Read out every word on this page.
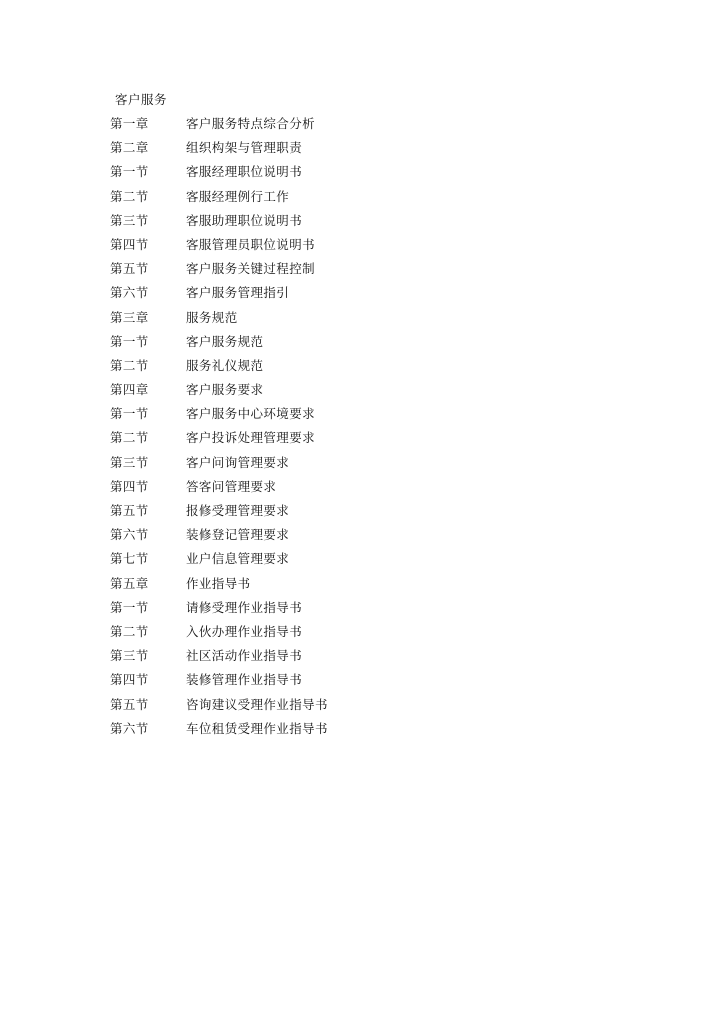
客户服务
第一章	客户服务特点综合分析
第二章	组织构架与管理职责
第一节	客服经理职位说明书
第二节	客服经理例行工作
第三节	客服助理职位说明书
第四节	客服管理员职位说明书
第五节	客户服务关键过程控制
第六节	客户服务管理指引
第三章	服务规范
第一节	客户服务规范
第二节	服务礼仪规范
第四章	客户服务要求
第一节	客户服务中心环境要求
第二节	客户投诉处理管理要求
第三节	客户问询管理要求
第四节	答客问管理要求
第五节	报修受理管理要求
第六节	装修登记管理要求
第七节	业户信息管理要求
第五章	作业指导书
第一节	请修受理作业指导书
第二节	入伙办理作业指导书
第三节	社区活动作业指导书
第四节	装修管理作业指导书
第五节	咨询建议受理作业指导书
第六节	车位租赁受理作业指导书
